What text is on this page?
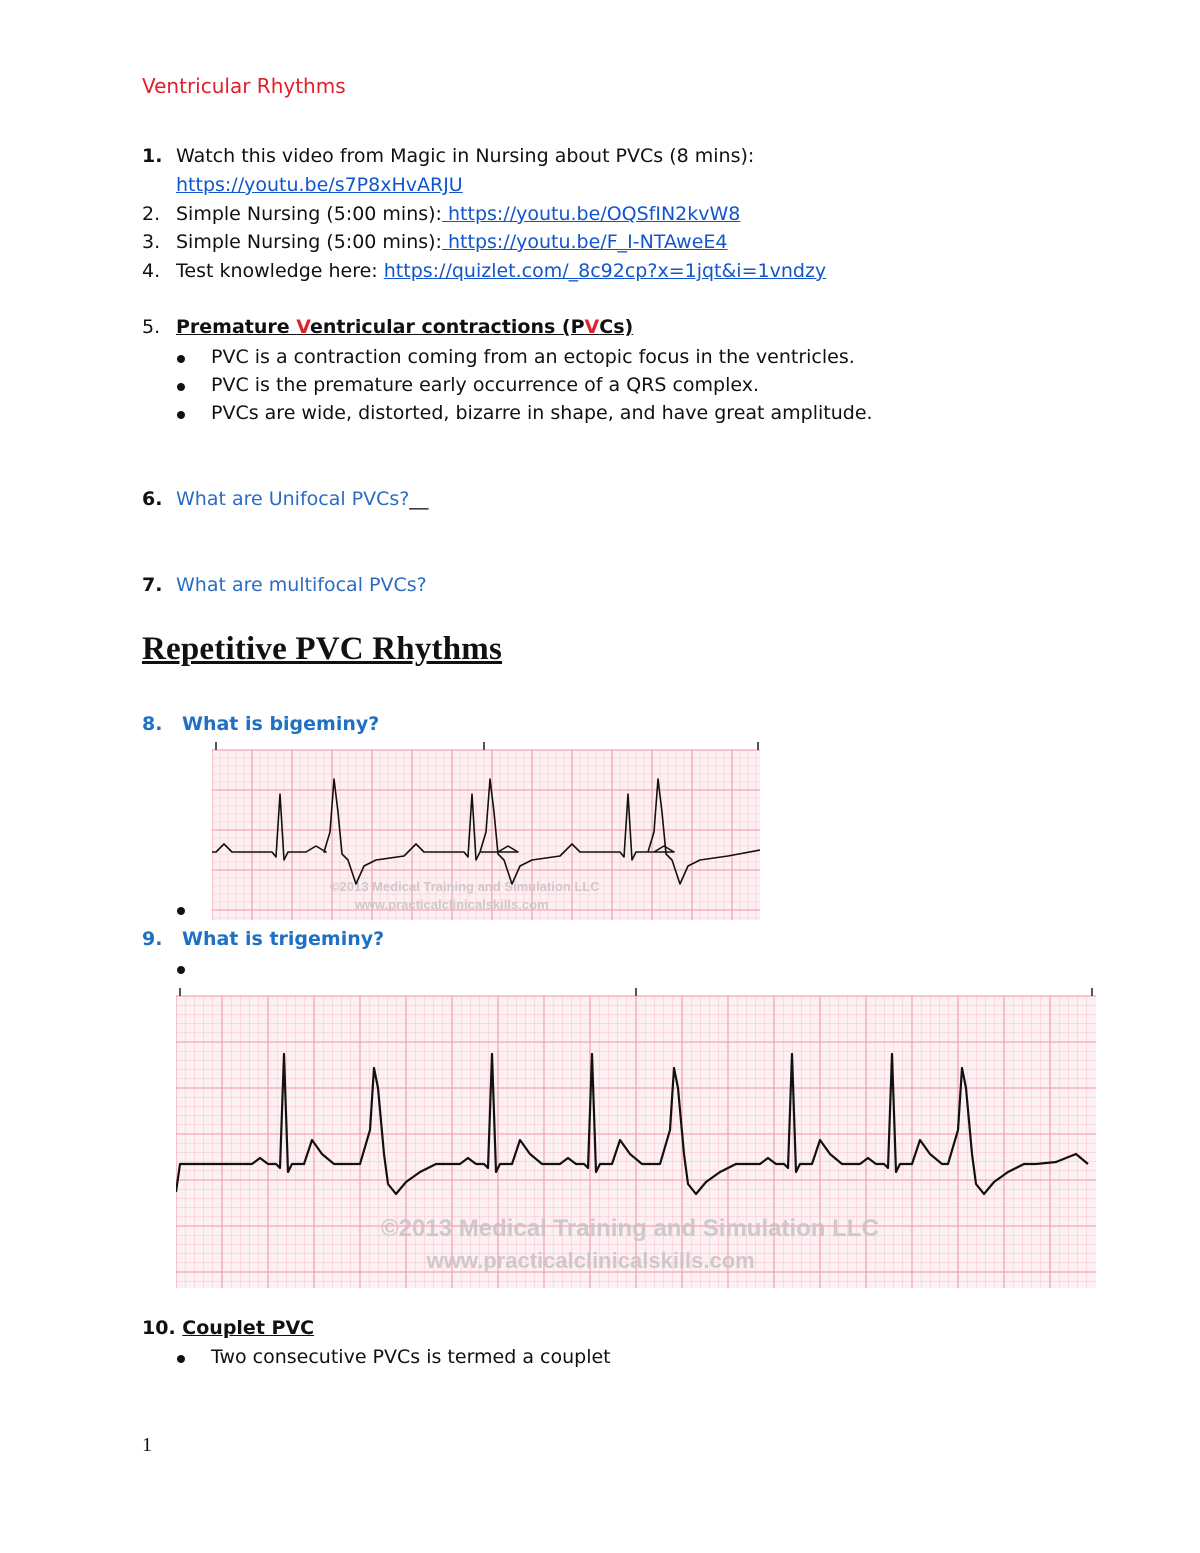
Ventricular Rhythms
1. Watch this video from Magic in Nursing about PVCs (8 mins):
https://youtu.be/s7P8xHvARJU
2. Simple Nursing (5:00 mins): https://youtu.be/OQSfIN2kvW8
3. Simple Nursing (5:00 mins): https://youtu.be/F_I-NTAweE4
4. Test knowledge here: https://quizlet.com/_8c92cp?x=1jqt&i=1vndzy
5. Premature Ventricular contractions (PVCs)
PVC is a contraction coming from an ectopic focus in the ventricles.
PVC is the premature early occurrence of a QRS complex.
PVCs are wide, distorted, bizarre in shape, and have great amplitude.
6. What are Unifocal PVCs?__
7. What are multifocal PVCs?
Repetitive PVC Rhythms
8. What is bigeminy?
©2013 Medical Training and Simulation LLC
www.practicalclinicalskills.com
9. What is trigeminy?
©2013 Medical Training and Simulation LLC
www.practicalclinicalskills.com
10. Couplet PVC
Two consecutive PVCs is termed a couplet
1
